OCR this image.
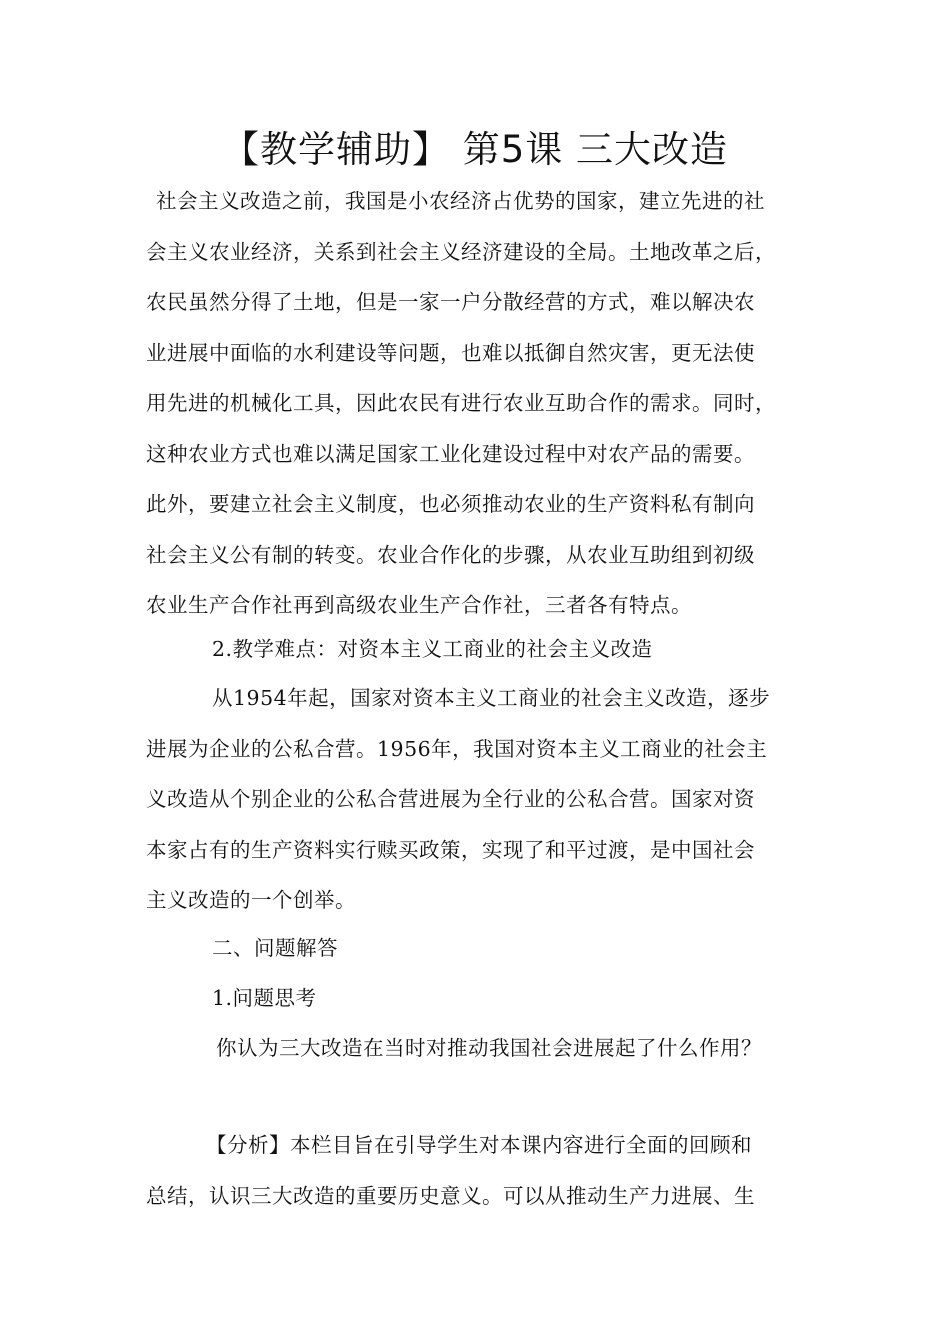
【教学辅助】 第5课 三大改造
社会主义改造之前，我国是小农经济占优势的国家，建立先进的社
会主义农业经济，关系到社会主义经济建设的全局。土地改革之后，
农民虽然分得了土地，但是一家一户分散经营的方式，难以解决农
业进展中面临的水利建设等问题，也难以抵御自然灾害，更无法使
用先进的机械化工具，因此农民有进行农业互助合作的需求。同时，
这种农业方式也难以满足国家工业化建设过程中对农产品的需要。
此外，要建立社会主义制度，也必须推动农业的生产资料私有制向
社会主义公有制的转变。农业合作化的步骤，从农业互助组到初级
农业生产合作社再到高级农业生产合作社，三者各有特点。
2.教学难点：对资本主义工商业的社会主义改造
从1954年起，国家对资本主义工商业的社会主义改造，逐步
进展为企业的公私合营。1956年，我国对资本主义工商业的社会主
义改造从个别企业的公私合营进展为全行业的公私合营。国家对资
本家占有的生产资料实行赎买政策，实现了和平过渡，是中国社会
主义改造的一个创举。
二、问题解答
1.问题思考
你认为三大改造在当时对推动我国社会进展起了什么作用？
【分析】本栏目旨在引导学生对本课内容进行全面的回顾和
总结，认识三大改造的重要历史意义。可以从推动生产力进展、生
